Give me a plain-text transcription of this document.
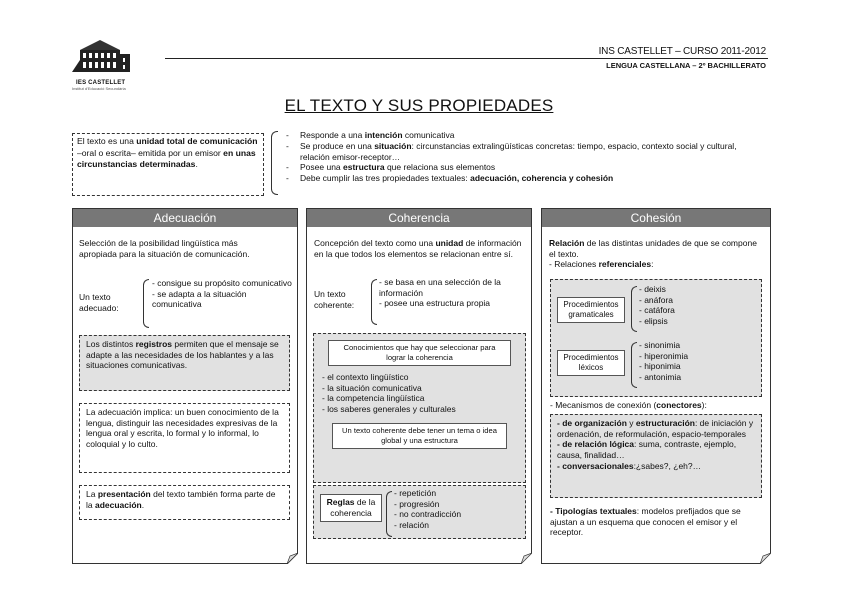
IES CASTELLET
Institut d'Educació Secundària
INS CASTELLET – CURSO 2011-2012
LENGUA CASTELLANA – 2º BACHILLERATO
EL TEXTO Y SUS PROPIEDADES
El texto es una unidad total de comunicación –oral o escrita– emitida por un emisor en unas circunstancias determinadas.
-	Responde a una intención comunicativa
-	Se produce en una situación: circunstancias extralingüísticas concretas: tiempo, espacio, contexto social y cultural, relación emisor-receptor…
-	Posee una estructura que relaciona sus elementos
-	Debe cumplir las tres propiedades textuales: adecuación, coherencia y cohesión
Adecuación
Selección de la posibilidad lingüística más apropiada para la situación de comunicación.
Un texto adecuado:
- consigue su propósito comunicativo
- se adapta a la situación comunicativa
Los distintos registros permiten que el mensaje se adapte a las necesidades de los hablantes y a las situaciones comunicativas.
La adecuación implica: un buen conocimiento de la lengua, distinguir las necesidades expresivas de la lengua oral y escrita, lo formal y lo informal, lo coloquial y lo culto.
La presentación del texto también forma parte de la adecuación.
Coherencia
Concepción del texto como una unidad de información en la que todos los elementos se relacionan entre sí.
Un texto coherente:
- se basa en una selección de la información
- posee una estructura propia
Conocimientos que hay que seleccionar para lograr la coherencia
- el contexto lingüístico
- la situación comunicativa
- la competencia lingüística
- los saberes generales y culturales
Un texto coherente debe tener un tema o idea global y una estructura
Reglas de la coherencia
- repetición
- progresión
- no contradicción
- relación
Cohesión
Relación de las distintas unidades de que se compone el texto.
- Relaciones referenciales:
Procedimientos gramaticales
- deixis
- anáfora
- catáfora
- elipsis
Procedimientos léxicos
- sinonimia
- hiperonimia
- hiponimia
- antonimia
- Mecanismos de conexión (conectores):
- de organización y estructuración: de iniciación y ordenación, de reformulación, espacio-temporales
- de relación lógica: suma, contraste, ejemplo, causa, finalidad…
- conversacionales:¿sabes?, ¿eh?…
- Tipologías textuales: modelos prefijados que se ajustan a un esquema que conocen el emisor y el receptor.
